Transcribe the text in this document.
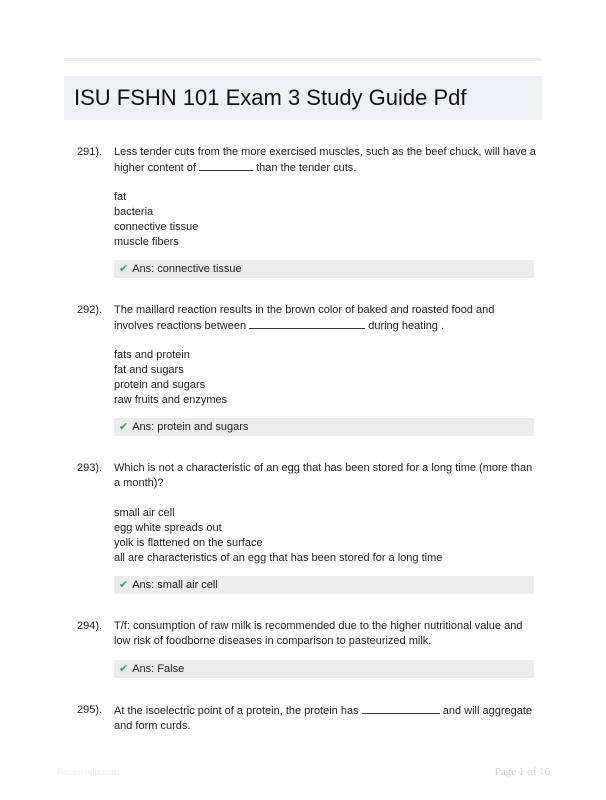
ISU FSHN 101 Exam 3 Study Guide Pdf
291).	Less tender cuts from the more exercised muscles, such as the beef chuck, will have a higher content of	than the tender cuts.
fat
bacteria
connective tissue
muscle fibers
✔ Ans: connective tissue
292).	The maillard reaction results in the brown color of baked and roasted food and involves reactions between	during heating .
fats and protein
fat and sugars
protein and sugars
raw fruits and enzymes
✔ Ans: protein and sugars
293).	Which is not a characteristic of an egg that has been stored for a long time (more than a month)?
small air cell
egg white spreads out
yolk is flattened on the surface
all are characteristics of an egg that has been stored for a long time
✔ Ans: small air cell
294).	T/f: consumption of raw milk is recommended due to the higher nutritional value and low risk of foodborne diseases in comparison to pasteurized milk.
✔ Ans: False
295).	At the isoelectric point of a protein, the protein has	and will aggregate and form curds.
PaperHelp.com	Page 1 of 16
